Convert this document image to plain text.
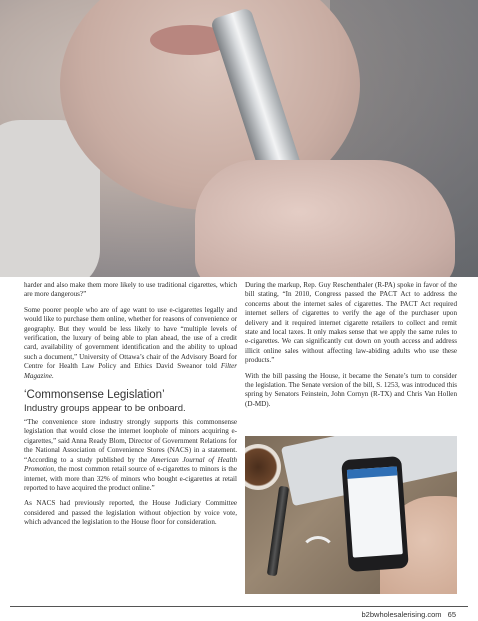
harder and also make them more likely to use traditional cigarettes, which are more dangerous?”

Some poorer people who are of age want to use e-cigarettes legally and would like to purchase them online, whether for reasons of convenience or geography. But they would be less likely to have “multiple levels of verification, the luxury of being able to plan ahead, the use of a credit card, availability of government identification and the ability to upload such a document,” University of Ottawa’s chair of the Advisory Board for Centre for Health Law Policy and Ethics David Sweanor told Filter Magazine.

‘Commonsense Legislation’
Industry groups appear to be onboard.

“The convenience store industry strongly supports this commonsense legislation that would close the internet loophole of minors acquiring e-cigarettes,” said Anna Ready Blom, Director of Government Relations for the National Association of Convenience Stores (NACS) in a statement. “According to a study published by the American Journal of Health Promotion, the most common retail source of e-cigarettes to minors is the internet, with more than 32% of minors who bought e-cigarettes at retail reported to have acquired the product online.”

As NACS had previously reported, the House Judiciary Committee considered and passed the legislation without objection by voice vote, which advanced the legislation to the House floor for consideration.

During the markup, Rep. Guy Reschenthaler (R-PA) spoke in favor of the bill stating, “In 2010, Congress passed the PACT Act to address the concerns about the internet sales of cigarettes. The PACT Act required internet sellers of cigarettes to verify the age of the purchaser upon delivery and it required internet cigarette retailers to collect and remit state and local taxes. It only makes sense that we apply the same rules to e-cigarettes. We can significantly cut down on youth access and address illicit online sales without affecting law-abiding adults who use these products.”

With the bill passing the House, it became the Senate’s turn to consider the legislation. The Senate version of the bill, S. 1253, was introduced this spring by Senators Feinstein, John Cornyn (R-TX) and Chris Van Hollen (D-MD).

b2bwholesalerising.com 65
